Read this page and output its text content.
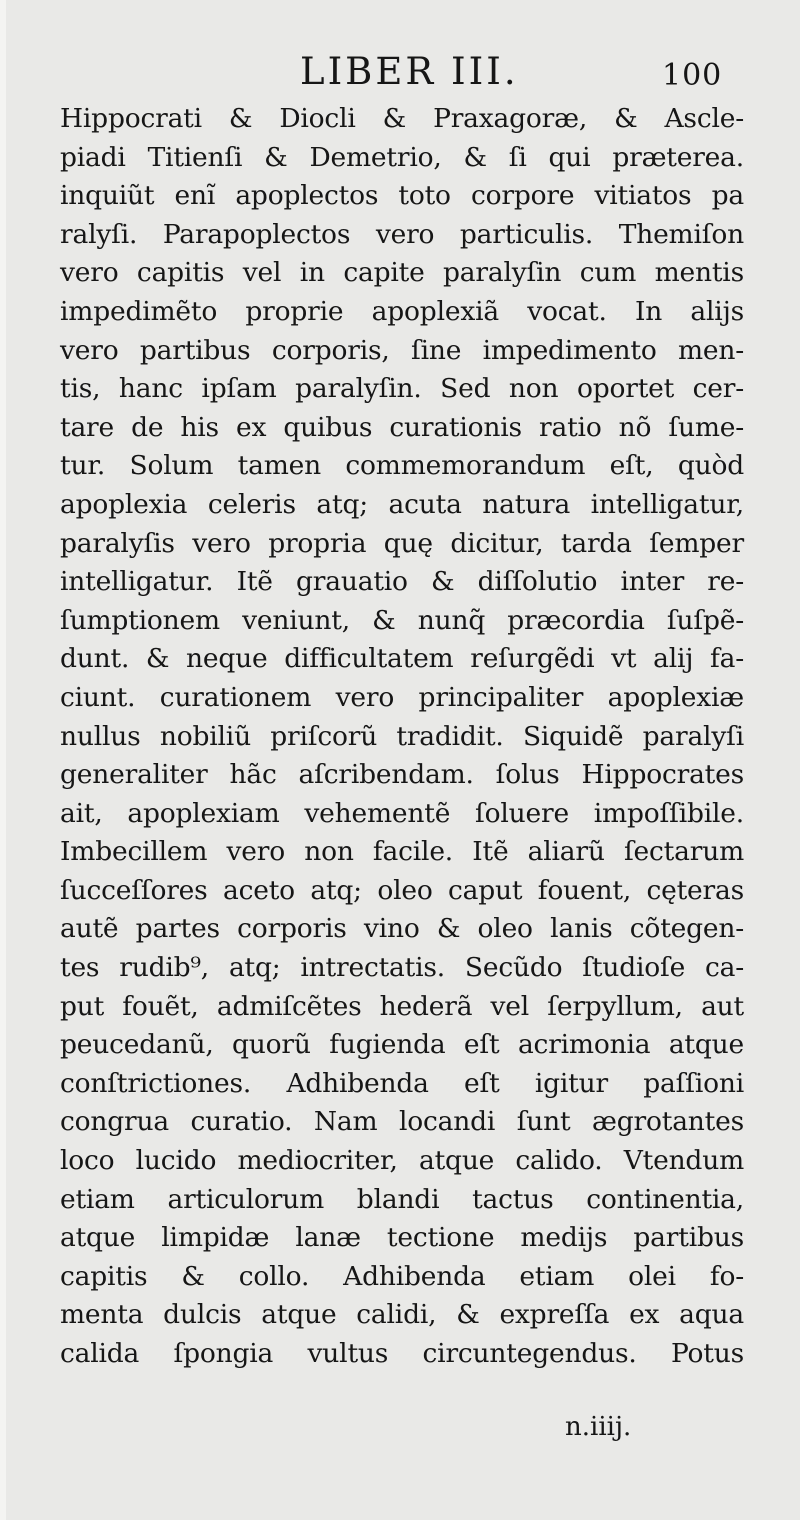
LIBER III.	100
Hippocrati & Diocli & Praxagoræ, & Ascle-
piadi Titienſi & Demetrio, & ſi qui præterea.
inquiũt enĩ apoplectos toto corpore vitiatos pa
ralyſi. Parapoplectos vero particulis. Themiſon
vero capitis vel in capite paralyſin cum mentis
impedimẽto proprie apoplexiã vocat. In aliјs
vero partibus corporis, ſine impedimento men-
tis, hanc ipſam paralyſin. Sed non oportet cer-
tare de his ex quibus curationis ratio nõ ſume-
tur. Solum tamen commemorandum eſt, quòd
apoplexia celeris atq; acuta natura intelligatur,
paralyſis vero propria quę dicitur, tarda ſemper
intelligatur. Itẽ grauatio & diſſolutio inter re-
ſumptionem veniunt, & nunq̃ præcordia ſuſpẽ-
dunt. & neque difficultatem reſurgẽdi vt aliј fa-
ciunt. curationem vero principaliter apoplexiæ
nullus nobiliũ priſcorũ tradidit. Siquidẽ paralyſi
generaliter hãc aſcribendam. ſolus Hippocrates
ait, apoplexiam vehementẽ ſoluere impoſſibile.
Imbecillem vero non facile. Itẽ aliarũ ſectarum
ſucceſſores aceto atq; oleo caput fouent, cęteras
autẽ partes corporis vino & oleo lanis cõtegen-
tes rudib⁹, atq; intrectatis. Secũdo ſtudioſe ca-
put fouẽt, admiſcẽtes hederã vel ſerpyllum, aut
peucedanũ, quorũ fugienda eſt acrimonia atque
conſtrictiones. Adhibenda eſt igitur paſſioni
congrua curatio. Nam locandi ſunt ægrotantes
loco lucido mediocriter, atque calido. Vtendum
etiam articulorum blandi tactus continentia,
atque limpidæ lanæ tectione medijs partibus
capitis & collo. Adhibenda etiam olei fo-
menta dulcis atque calidi, & expreſſa ex aqua
calida ſpongia vultus circuntegendus. Potus
n.iiij.
